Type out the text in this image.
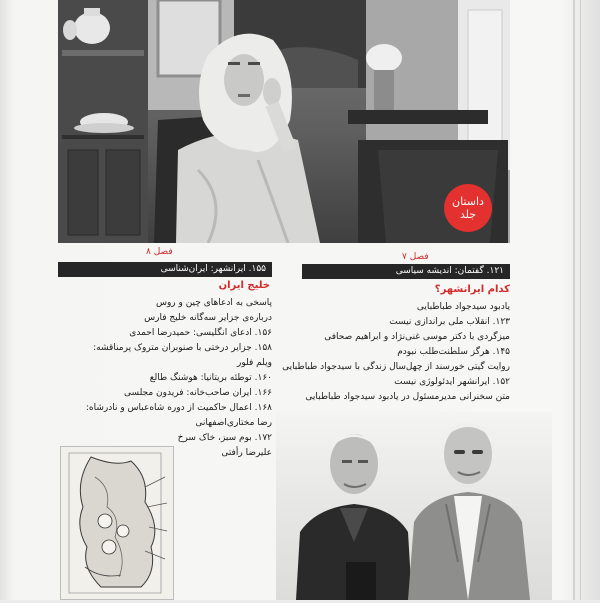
داستان
جلد
فصل ۸
۱۵۵. ایرانشهر: ایران‌شناسی
خلیج ایران
پاسخی به ادعاهای چین و روس
درباره‌ی جزایر سه‌گانه خلیج فارس
۱۵۶. ادعای انگلیسی: حمیدرضا احمدی
۱۵۸. جزایر درختی با صنوبران متروک پرمناقشه:
ویلم فلور
۱۶۰. توطئه بریتانیا: هوشنگ طالع
۱۶۶. ایران صاحب‌خانه: فریدون مجلسی
۱۶۸. اعمال حاکمیت از دوره شاه‌عباس و نادرشاه:
رضا مختاری‌اصفهانی
۱۷۲. بوم سبز، خاک سرخ
علیرضا رأفتی
فصل ۷
۱۲۱. گفتمان: اندیشه سیاسی
کدام ایرانشهر؟
یادبود سیدجواد طباطبایی
۱۲۳. انقلاب ملی براندازی نیست
میزگردی با دکتر موسی غنی‌نژاد و ابراهیم صحافی
۱۴۵. هرگز سلطنت‌طلب نبودم
روایت گیتی خورسند از چهل‌سال زندگی با سیدجواد طباطبایی
۱۵۲. ایرانشهر ایدئولوژی نیست
متن سخنرانی مدیرمسئول در یادبود سیدجواد طباطبایی
